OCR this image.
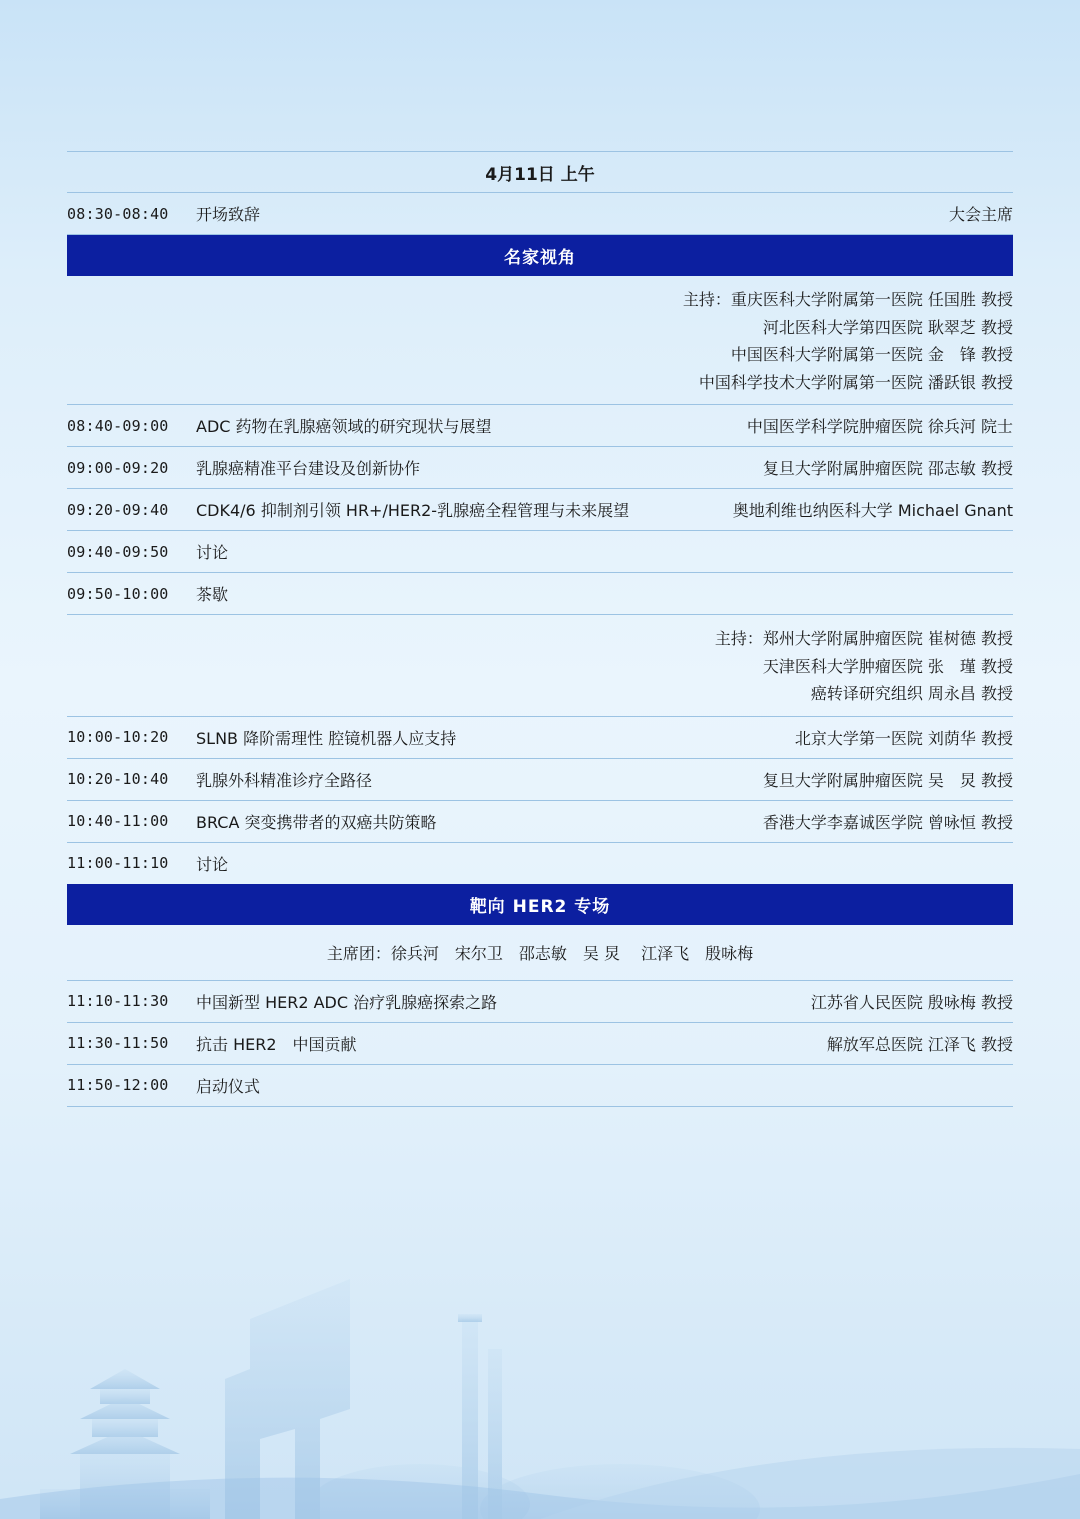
4月11日 上午
08:30-08:40	开场致辞	大会主席
名家视角
主持：重庆医科大学附属第一医院 任国胜 教授
河北医科大学第四医院 耿翠芝 教授
中国医科大学附属第一医院 金　锋 教授
中国科学技术大学附属第一医院 潘跃银 教授
08:40-09:00	ADC 药物在乳腺癌领域的研究现状与展望	中国医学科学院肿瘤医院 徐兵河 院士
09:00-09:20	乳腺癌精准平台建设及创新协作	复旦大学附属肿瘤医院 邵志敏 教授
09:20-09:40	CDK4/6 抑制剂引领 HR+/HER2-乳腺癌全程管理与未来展望	奥地利维也纳医科大学 Michael Gnant
09:40-09:50	讨论
09:50-10:00	茶歇
主持：郑州大学附属肿瘤医院 崔树德 教授
天津医科大学肿瘤医院 张　瑾 教授
癌转译研究组织 周永昌 教授
10:00-10:20	SLNB 降阶需理性 腔镜机器人应支持	北京大学第一医院 刘荫华 教授
10:20-10:40	乳腺外科精准诊疗全路径	复旦大学附属肿瘤医院 吴　炅 教授
10:40-11:00	BRCA 突变携带者的双癌共防策略	香港大学李嘉诚医学院 曾咏恒 教授
11:00-11:10	讨论
靶向 HER2 专场
主席团：徐兵河　宋尔卫　邵志敏　吴 炅　 江泽飞　殷咏梅
11:10-11:30	中国新型 HER2 ADC 治疗乳腺癌探索之路	江苏省人民医院 殷咏梅 教授
11:30-11:50	抗击 HER2　中国贡献	解放军总医院 江泽飞 教授
11:50-12:00	启动仪式
